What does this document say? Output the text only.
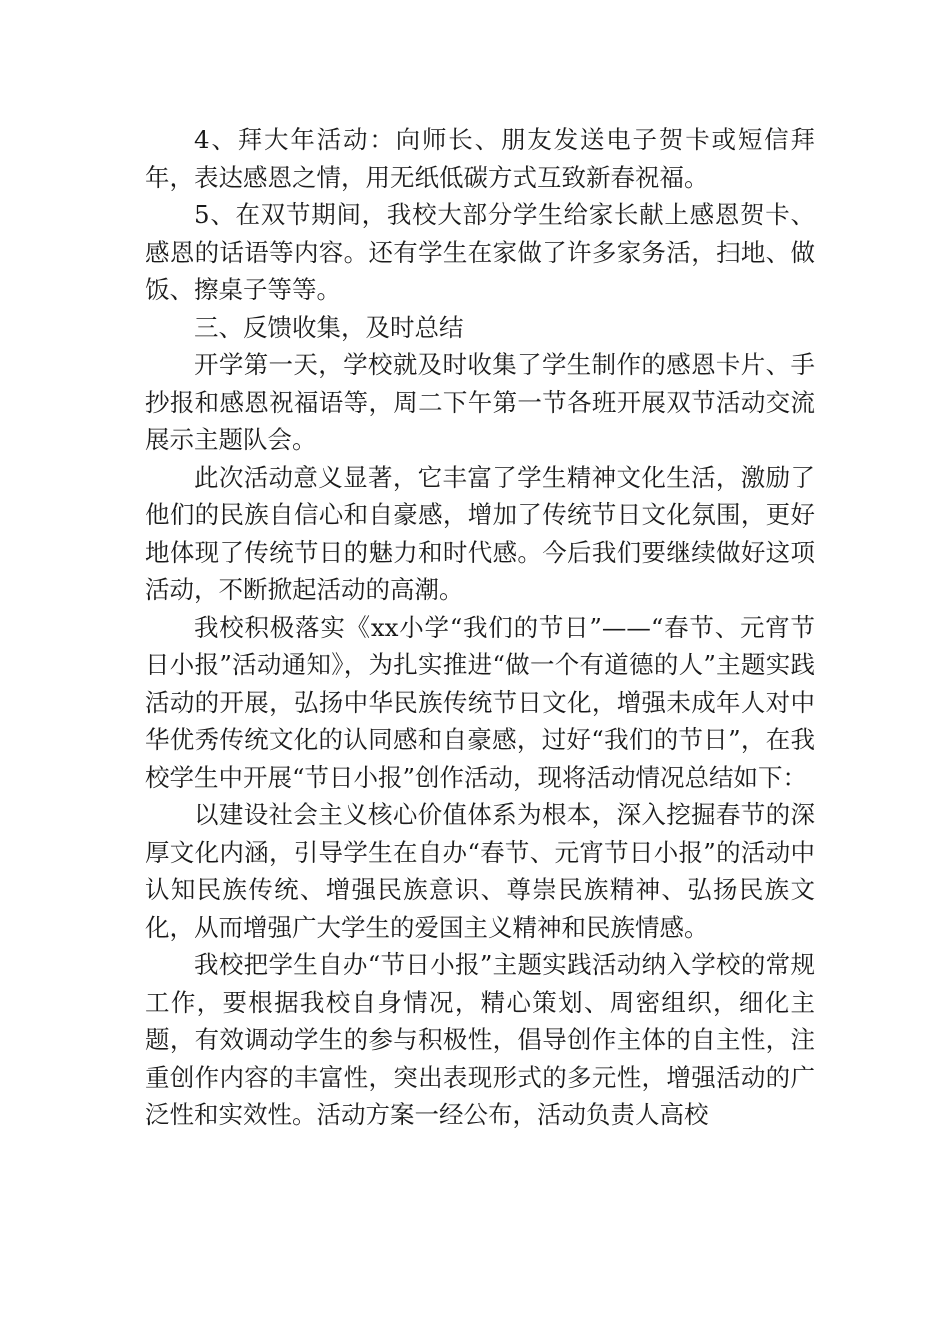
4、拜大年活动：向师长、朋友发送电子贺卡或短信拜年，表达感恩之情，用无纸低碳方式互致新春祝福。

5、在双节期间，我校大部分学生给家长献上感恩贺卡、感恩的话语等内容。还有学生在家做了许多家务活，扫地、做饭、擦桌子等等。

三、反馈收集，及时总结

开学第一天，学校就及时收集了学生制作的感恩卡片、手抄报和感恩祝福语等，周二下午第一节各班开展双节活动交流展示主题队会。

此次活动意义显著，它丰富了学生精神文化生活，激励了他们的民族自信心和自豪感，增加了传统节日文化氛围，更好地体现了传统节日的魅力和时代感。今后我们要继续做好这项活动，不断掀起活动的高潮。

我校积极落实《xx小学“我们的节日”——“春节、元宵节日小报”活动通知》，为扎实推进“做一个有道德的人”主题实践活动的开展，弘扬中华民族传统节日文化，增强未成年人对中华优秀传统文化的认同感和自豪感，过好“我们的节日”，在我校学生中开展“节日小报”创作活动，现将活动情况总结如下：

以建设社会主义核心价值体系为根本，深入挖掘春节的深厚文化内涵，引导学生在自办“春节、元宵节日小报”的活动中认知民族传统、增强民族意识、尊崇民族精神、弘扬民族文化，从而增强广大学生的爱国主义精神和民族情感。

我校把学生自办“节日小报”主题实践活动纳入学校的常规工作，要根据我校自身情况，精心策划、周密组织，细化主题，有效调动学生的参与积极性，倡导创作主体的自主性，注重创作内容的丰富性，突出表现形式的多元性，增强活动的广泛性和实效性。活动方案一经公布，活动负责人高校
